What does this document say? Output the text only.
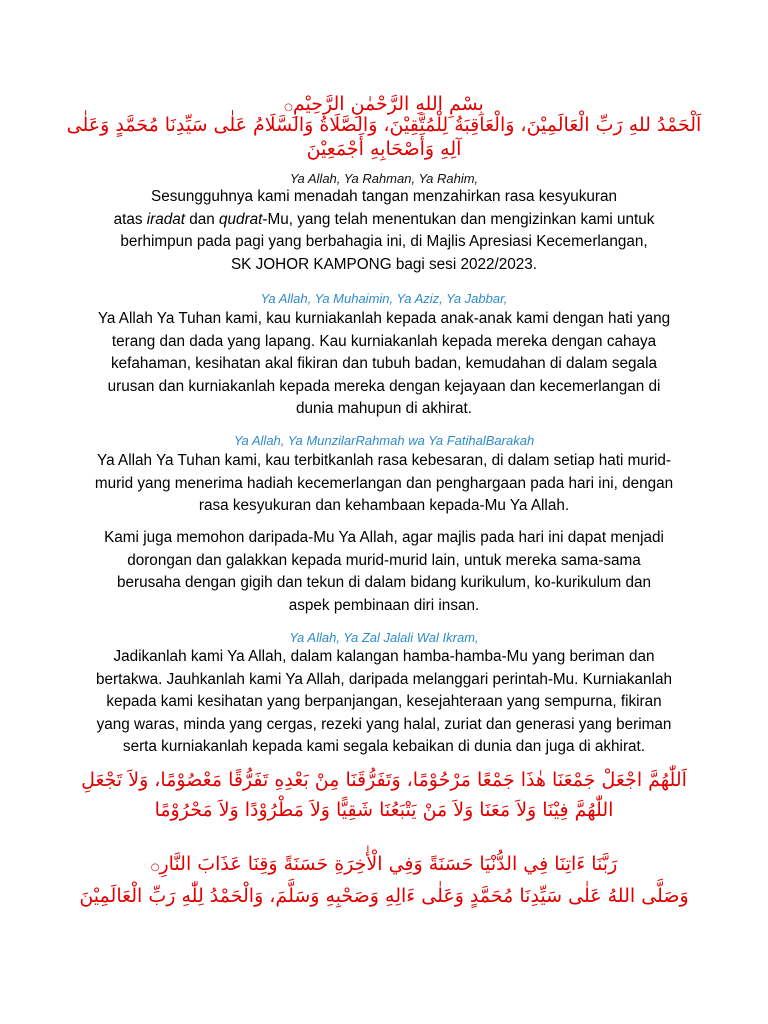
بِسْمِ اللهِ الرَّحْمٰنِ الرَّحِيْمِ○
اَلْحَمْدُ للهِ رَبِّ الْعَالَمِيْنَ، وَالْعَاقِبَةُ لِلْمُتَّقِيْنَ، وَالصَّلَاةُ وَالسَّلَامُ عَلٰى سَيِّدِنَا مُحَمَّدٍ وَعَلٰى آلِهِ وَأَصْحَابِهِ أَجْمَعِيْنَ
Ya Allah, Ya Rahman, Ya Rahim,
Sesungguhnya kami menadah tangan menzahirkan rasa kesyukuran
atas iradat dan qudrat-Mu, yang telah menentukan dan mengizinkan kami untuk
berhimpun pada pagi yang berbahagia ini, di Majlis Apresiasi Kecemerlangan,
SK JOHOR KAMPONG bagi sesi 2022/2023.
Ya Allah, Ya Muhaimin, Ya Aziz, Ya Jabbar,
Ya Allah Ya Tuhan kami, kau kurniakanlah kepada anak-anak kami dengan hati yang
terang dan dada yang lapang. Kau kurniakanlah kepada mereka dengan cahaya
kefahaman, kesihatan akal fikiran dan tubuh badan, kemudahan di dalam segala
urusan dan kurniakanlah kepada mereka dengan kejayaan dan kecemerlangan di
dunia mahupun di akhirat.
Ya Allah, Ya MunzilarRahmah wa Ya FatihalBarakah
Ya Allah Ya Tuhan kami, kau terbitkanlah rasa kebesaran, di dalam setiap hati murid-
murid yang menerima hadiah kecemerlangan dan penghargaan pada hari ini, dengan
rasa kesyukuran dan kehambaan kepada-Mu Ya Allah.
Kami juga memohon daripada-Mu Ya Allah, agar majlis pada hari ini dapat menjadi
dorongan dan galakkan kepada murid-murid lain, untuk mereka sama-sama
berusaha dengan gigih dan tekun di dalam bidang kurikulum, ko-kurikulum dan
aspek pembinaan diri insan.
Ya Allah, Ya Zal Jalali Wal Ikram,
Jadikanlah kami Ya Allah, dalam kalangan hamba-hamba-Mu yang beriman dan
bertakwa. Jauhkanlah kami Ya Allah, daripada melanggari perintah-Mu. Kurniakanlah
kepada kami kesihatan yang berpanjangan, kesejahteraan yang sempurna, fikiran
yang waras, minda yang cergas, rezeki yang halal, zuriat dan generasi yang beriman
serta kurniakanlah kepada kami segala kebaikan di dunia dan juga di akhirat.
اَللّٰهُمَّ اجْعَلْ جَمْعَنَا هٰذَا جَمْعًا مَرْحُوْمًا، وَتَفَرُّقَنَا مِنْ بَعْدِهِ تَفَرُّقًا مَعْصُوْمًا، وَلاَ تَجْعَلِ
اللّٰهُمَّ فِيْنَا وَلاَ مَعَنَا وَلاَ مَنْ يَتْبَعُنَا شَقِيًّا وَلاَ مَطْرُوْدًا وَلاَ مَحْرُوْمًا
رَبَّنَا ءَاتِنَا فِي الدُّنْيَا حَسَنَةً وَفِي الْأٰخِرَةِ حَسَنَةً وَقِنَا عَذَابَ النَّارِ○
وَصَلَّى اللهُ عَلٰى سَيِّدِنَا مُحَمَّدٍ وَعَلٰى ءَالِهِ وَصَحْبِهِ وَسَلَّمَ، وَالْحَمْدُ لِلّٰهِ رَبِّ الْعَالَمِيْنَ
